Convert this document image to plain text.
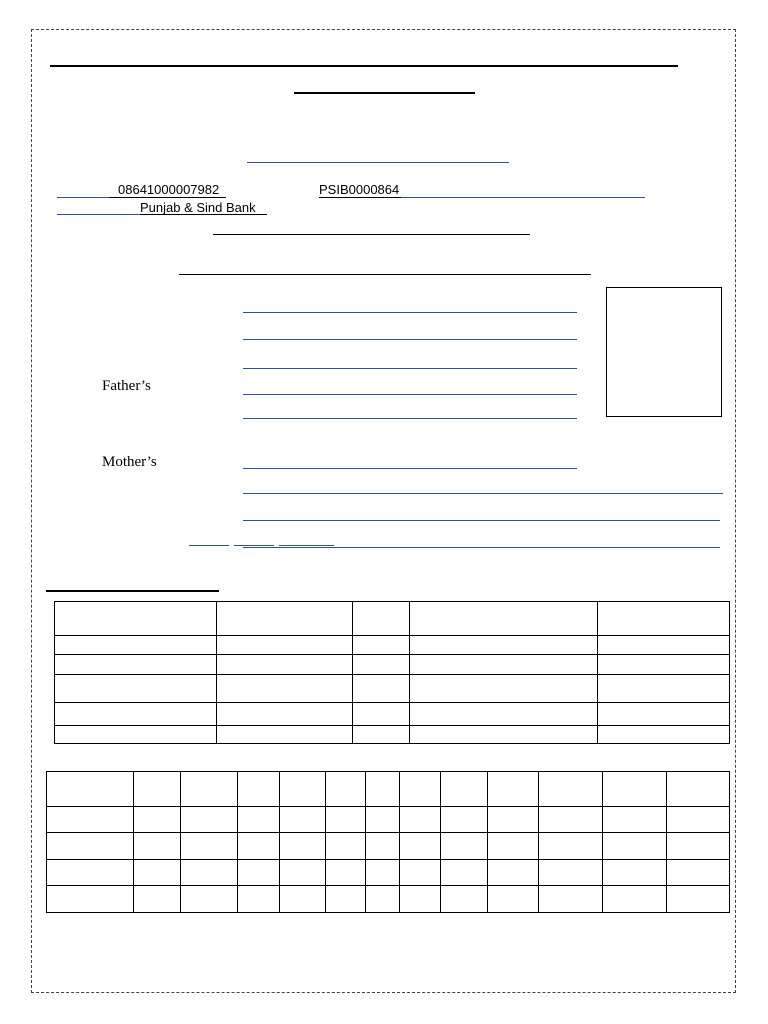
08641000007982	PSIB0000864
Punjab & Sind Bank
Father’s
Mother’s
